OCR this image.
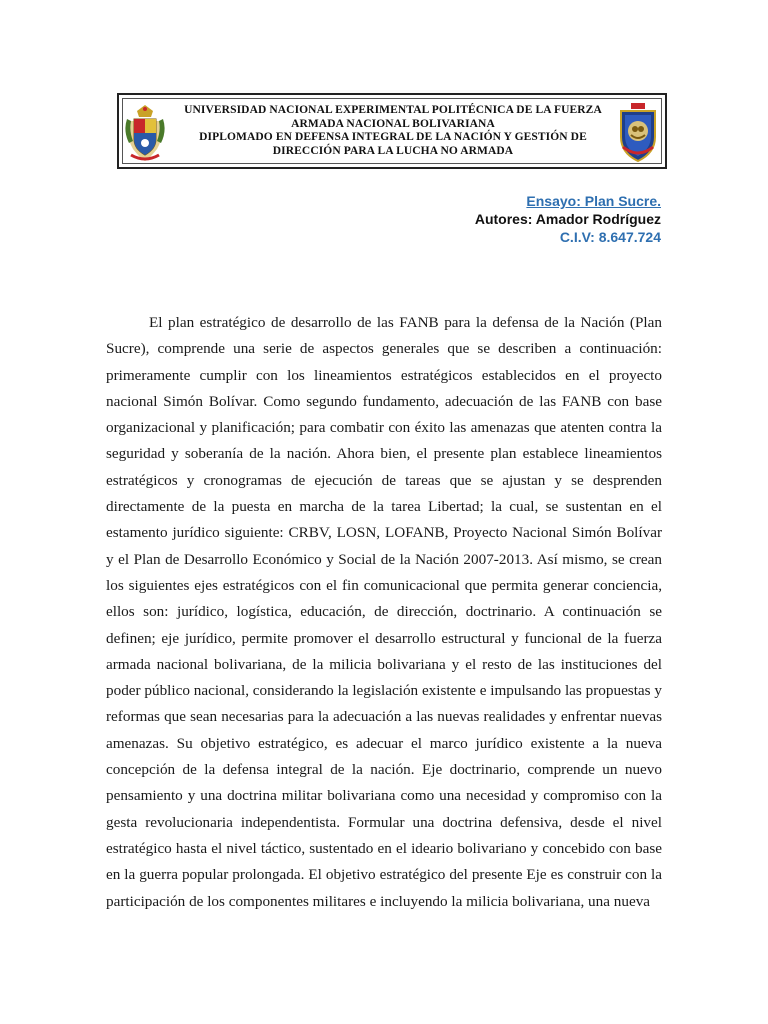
UNIVERSIDAD NACIONAL EXPERIMENTAL POLITÉCNICA DE LA FUERZA
ARMADA NACIONAL BOLIVARIANA
DIPLOMADO EN DEFENSA INTEGRAL DE LA NACIÓN Y GESTIÓN DE
DIRECCIÓN PARA LA LUCHA NO ARMADA
Ensayo: Plan Sucre.
Autores: Amador Rodríguez
C.I.V: 8.647.724

El plan estratégico de desarrollo de las FANB para la defensa de la Nación (Plan Sucre), comprende una serie de aspectos generales que se describen a continuación: primeramente cumplir con los lineamientos estratégicos establecidos en el proyecto nacional Simón Bolívar. Como segundo fundamento, adecuación de las FANB con base organizacional y planificación; para combatir con éxito las amenazas que atenten contra la seguridad y soberanía de la nación. Ahora bien, el presente plan establece lineamientos estratégicos y cronogramas de ejecución de tareas que se ajustan y se desprenden directamente de la puesta en marcha de la tarea Libertad; la cual, se sustentan en el estamento jurídico siguiente: CRBV, LOSN, LOFANB, Proyecto Nacional Simón Bolívar y el Plan de Desarrollo Económico y Social de la Nación 2007-2013. Así mismo, se crean los siguientes ejes estratégicos con el fin comunicacional que permita generar conciencia, ellos son: jurídico, logística, educación, de dirección, doctrinario. A continuación se definen; eje jurídico, permite promover el desarrollo estructural y funcional de la fuerza armada nacional bolivariana, de la milicia bolivariana y el resto de las instituciones del poder público nacional, considerando la legislación existente e impulsando las propuestas y reformas que sean necesarias para la adecuación a las nuevas realidades y enfrentar nuevas amenazas. Su objetivo estratégico, es adecuar el marco jurídico existente a la nueva concepción de la defensa integral de la nación. Eje doctrinario, comprende un nuevo pensamiento y una doctrina militar bolivariana como una necesidad y compromiso con la gesta revolucionaria independentista. Formular una doctrina defensiva, desde el nivel estratégico hasta el nivel táctico, sustentado en el ideario bolivariano y concebido con base en la guerra popular prolongada. El objetivo estratégico del presente Eje es construir con la participación de los componentes militares e incluyendo la milicia bolivariana, una nueva
